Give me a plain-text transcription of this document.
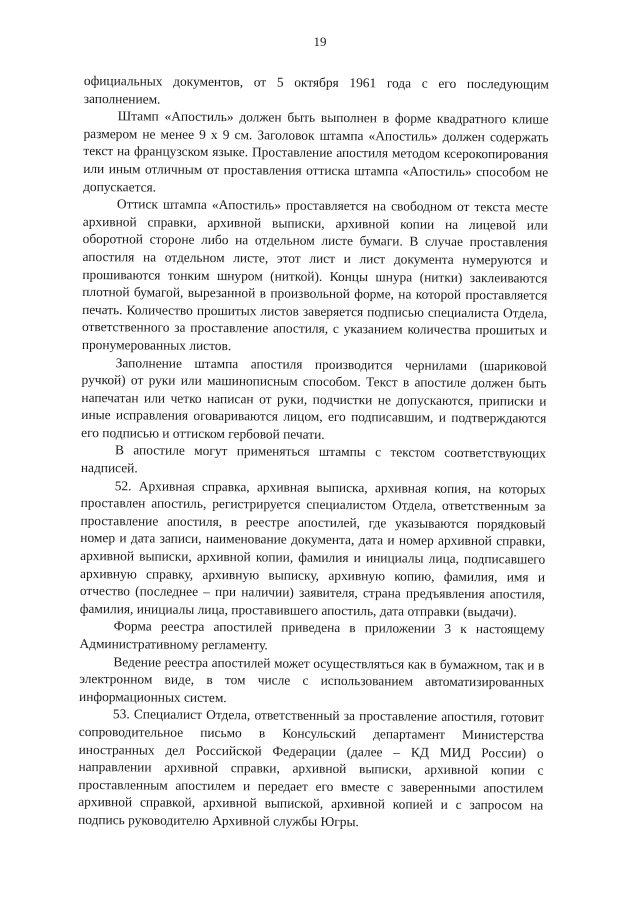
19

официальных документов, от 5 октября 1961 года с его последующим заполнением.

Штамп «Апостиль» должен быть выполнен в форме квадратного клише размером не менее 9 x 9 см. Заголовок штампа «Апостиль» должен содержать текст на французском языке. Проставление апостиля методом ксерокопирования или иным отличным от проставления оттиска штампа «Апостиль» способом не допускается.

Оттиск штампа «Апостиль» проставляется на свободном от текста месте архивной справки, архивной выписки, архивной копии на лицевой или оборотной стороне либо на отдельном листе бумаги. В случае проставления апостиля на отдельном листе, этот лист и лист документа нумеруются и прошиваются тонким шнуром (ниткой). Концы шнура (нитки) заклеиваются плотной бумагой, вырезанной в произвольной форме, на которой проставляется печать. Количество прошитых листов заверяется подписью специалиста Отдела, ответственного за проставление апостиля, с указанием количества прошитых и пронумерованных листов.

Заполнение штампа апостиля производится чернилами (шариковой ручкой) от руки или машинописным способом. Текст в апостиле должен быть напечатан или четко написан от руки, подчистки не допускаются, приписки и иные исправления оговариваются лицом, его подписавшим, и подтверждаются его подписью и оттиском гербовой печати.

В апостиле могут применяться штампы с текстом соответствующих надписей.

52. Архивная справка, архивная выписка, архивная копия, на которых проставлен апостиль, регистрируется специалистом Отдела, ответственным за проставление апостиля, в реестре апостилей, где указываются порядковый номер и дата записи, наименование документа, дата и номер архивной справки, архивной выписки, архивной копии, фамилия и инициалы лица, подписавшего архивную справку, архивную выписку, архивную копию, фамилия, имя и отчество (последнее – при наличии) заявителя, страна предъявления апостиля, фамилия, инициалы лица, проставившего апостиль, дата отправки (выдачи).

Форма реестра апостилей приведена в приложении 3 к настоящему Административному регламенту.

Ведение реестра апостилей может осуществляться как в бумажном, так и в электронном виде, в том числе с использованием автоматизированных информационных систем.

53. Специалист Отдела, ответственный за проставление апостиля, готовит сопроводительное письмо в Консульский департамент Министерства иностранных дел Российской Федерации (далее – КД МИД России) о направлении архивной справки, архивной выписки, архивной копии с проставленным апостилем и передает его вместе с заверенными апостилем архивной справкой, архивной выпиской, архивной копией и с запросом на подпись руководителю Архивной службы Югры.
